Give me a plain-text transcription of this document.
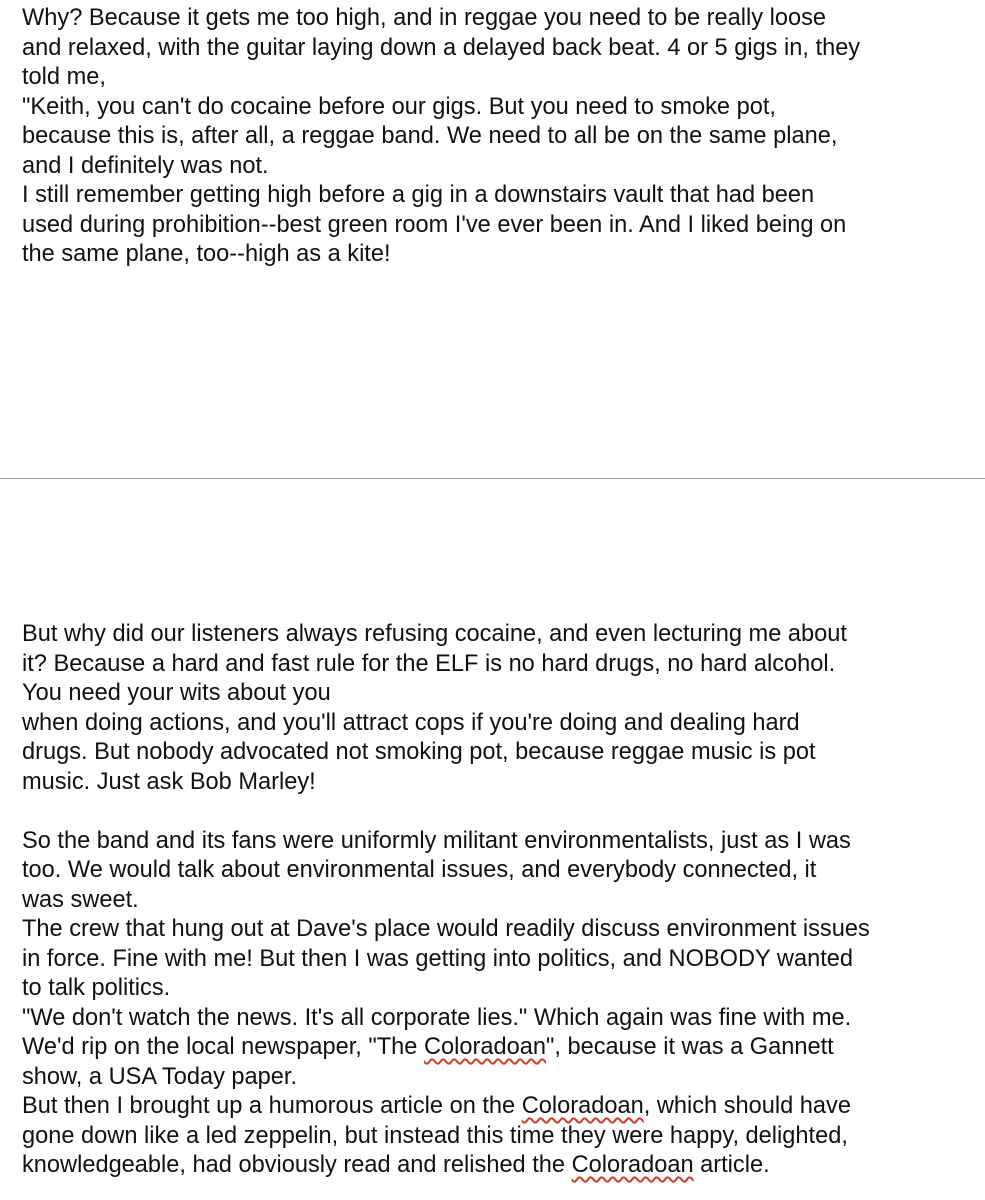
Why? Because it gets me too high, and in reggae you need to be really loose
and relaxed, with the guitar laying down a delayed back beat. 4 or 5 gigs in, they
told me,
"Keith, you can't do cocaine before our gigs. But you need to smoke pot,
because this is, after all, a reggae band. We need to all be on the same plane,
and I definitely was not.
I still remember getting high before a gig in a downstairs vault that had been
used during prohibition--best green room I've ever been in. And I liked being on
the same plane, too--high as a kite!
But why did our listeners always refusing cocaine, and even lecturing me about
it? Because a hard and fast rule for the ELF is no hard drugs, no hard alcohol.
You need your wits about you
when doing actions, and you'll attract cops if you're doing and dealing hard
drugs. But nobody advocated not smoking pot, because reggae music is pot
music. Just ask Bob Marley!
So the band and its fans were uniformly militant environmentalists, just as I was
too. We would talk about environmental issues, and everybody connected, it
was sweet.
The crew that hung out at Dave's place would readily discuss environment issues
in force. Fine with me! But then I was getting into politics, and NOBODY wanted
to talk politics.
"We don't watch the news. It's all corporate lies." Which again was fine with me.
We'd rip on the local newspaper, "The Coloradoan", because it was a Gannett
show, a USA Today paper.
But then I brought up a humorous article on the Coloradoan, which should have
gone down like a led zeppelin, but instead this time they were happy, delighted,
knowledgeable, had obviously read and relished the Coloradoan article.
